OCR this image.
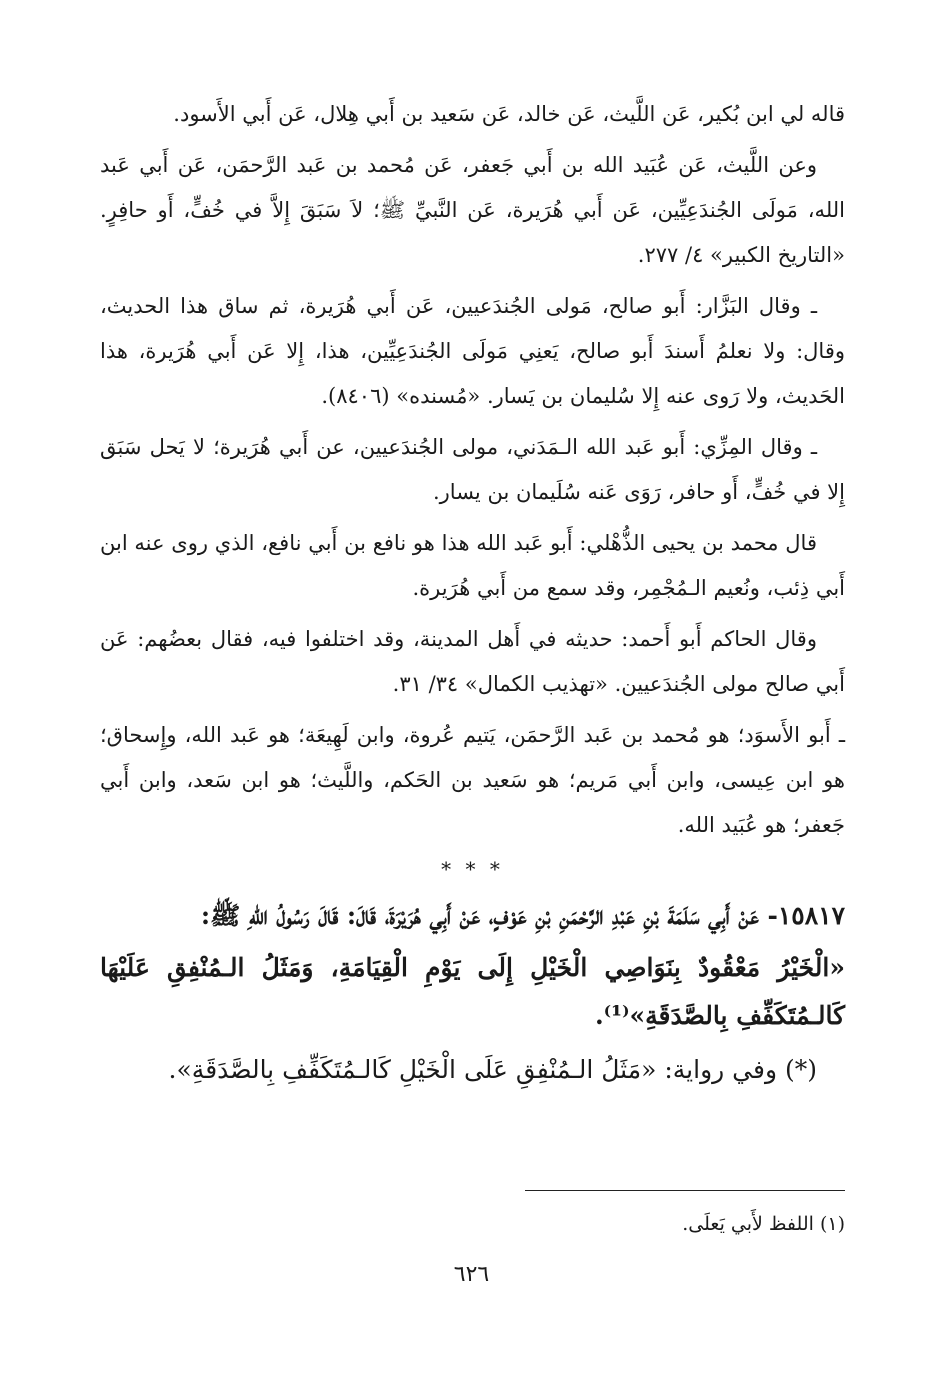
قاله لي ابن بُكير، عَن اللَّيث، عَن خالد، عَن سَعيد بن أَبي هِلال، عَن أَبي الأَسود.

وعن اللَّيث، عَن عُبَيد الله بن أَبي جَعفر، عَن مُحمد بن عَبد الرَّحمَن، عَن أَبي عَبد الله، مَولَى الجُندَعِيِّين، عَن أَبي هُرَيرة، عَن النَّبيِّ ﷺ؛ لاَ سَبَقَ إِلاَّ في خُفٍّ، أَو حافِرٍ. «التاريخ الكبير» ٤/ ٢٧٧.

ـ وقال البَزَّار: أَبو صالح، مَولى الجُندَعيين، عَن أَبي هُرَيرة، ثم ساق هذا الحديث، وقال: ولا نعلمُ أَسندَ أَبو صالح، يَعنِي مَولَى الجُندَعِيِّين، هذا، إِلا عَن أَبي هُرَيرة، هذا الحَديث، ولا رَوى عنه إِلا سُليمان بن يَسار. «مُسنده» (٨٤٠٦).

ـ وقال المِزِّي: أَبو عَبد الله الـمَدَني، مولى الجُندَعيين، عن أَبي هُرَيرة؛ لا يَحل سَبَق إِلا في خُفٍّ، أَو حافر، رَوَى عَنه سُلَيمان بن يسار.

قال محمد بن يحيى الذُّهْلي: أَبو عَبد الله هذا هو نافع بن أَبي نافع، الذي روى عنه ابن أَبي ذِئب، ونُعيم الـمُجْمِر، وقد سمع من أَبي هُرَيرة.

وقال الحاكم أَبو أَحمد: حديثه في أَهل المدينة، وقد اختلفوا فيه، فقال بعضُهم: عَن أَبي صالح مولى الجُندَعيين. «تهذيب الكمال» ٣٤/ ٣١.

ـ أَبو الأَسوَد؛ هو مُحمد بن عَبد الرَّحمَن، يَتيم عُروة، وابن لَهِيعَة؛ هو عَبد الله، وإِسحاق؛ هو ابن عِيسى، وابن أَبي مَريم؛ هو سَعيد بن الحَكم، واللَّيث؛ هو ابن سَعد، وابن أَبي جَعفر؛ هو عُبَيد الله.

* * *

١٥٨١٧- عَنْ أَبِي سَلَمَةَ بْنِ عَبْدِ الرَّحْمَنِ بْنِ عَوْفٍ، عَنْ أَبِي هُرَيْرَةَ، قَالَ: قَالَ رَسُولُ اللهِ ﷺ:

«الْخَيْرُ مَعْقُودٌ بِنَوَاصِي الْخَيْلِ إِلَى يَوْمِ الْقِيَامَةِ، وَمَثَلُ الـمُنْفِقِ عَلَيْهَا كَالـمُتَكَفِّفِ بِالصَّدَقَةِ»⁽¹⁾.

(*) وفي رواية: «مَثَلُ الـمُنْفِقِ عَلَى الْخَيْلِ كَالـمُتَكَفِّفِ بِالصَّدَقَةِ».

(١) اللفظ لأَبي يَعلَى.
٦٢٦
